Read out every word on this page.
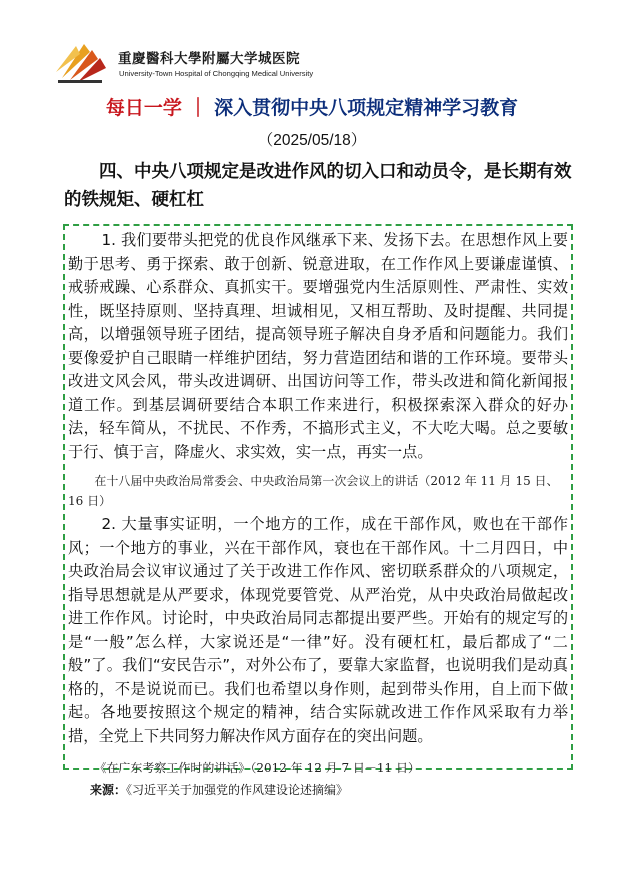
重慶醫科大學附屬大学城医院
University-Town Hospital of Chongqing Medical University
每日一学 ｜ 深入贯彻中央八项规定精神学习教育
（2025/05/18）
四、中央八项规定是改进作风的切入口和动员令，是长期有效的铁规矩、硬杠杠
1. 我们要带头把党的优良作风继承下来、发扬下去。在思想作风上要勤于思考、勇于探索、敢于创新、锐意进取，在工作作风上要谦虚谨慎、戒骄戒躁、心系群众、真抓实干。要增强党内生活原则性、严肃性、实效性，既坚持原则、坚持真理、坦诚相见，又相互帮助、及时提醒、共同提高，以增强领导班子团结，提高领导班子解决自身矛盾和问题能力。我们要像爱护自己眼睛一样维护团结，努力营造团结和谐的工作环境。要带头改进文风会风，带头改进调研、出国访问等工作，带头改进和简化新闻报道工作。到基层调研要结合本职工作来进行，积极探索深入群众的好办法，轻车简从，不扰民、不作秀，不搞形式主义，不大吃大喝。总之要敏于行、慎于言，降虚火、求实效，实一点，再实一点。
在十八届中央政治局常委会、中央政治局第一次会议上的讲话（2012 年 11 月 15 日、16 日）
2. 大量事实证明，一个地方的工作，成在干部作风，败也在干部作风；一个地方的事业，兴在干部作风，衰也在干部作风。十二月四日，中央政治局会议审议通过了关于改进工作作风、密切联系群众的八项规定，指导思想就是从严要求，体现党要管党、从严治党，从中央政治局做起改进工作作风。讨论时，中央政治局同志都提出要严些。开始有的规定写的是“一般”怎么样，大家说还是“一律”好。没有硬杠杠，最后都成了“二般”了。我们“安民告示”，对外公布了，要靠大家监督，也说明我们是动真格的，不是说说而已。我们也希望以身作则，起到带头作用，自上而下做起。各地要按照这个规定的精神，结合实际就改进工作作风采取有力举措，全党上下共同努力解决作风方面存在的突出问题。
《在广东考察工作时的讲话》（2012 年 12 月 7 日－11 日）
来源：《习近平关于加强党的作风建设论述摘编》
